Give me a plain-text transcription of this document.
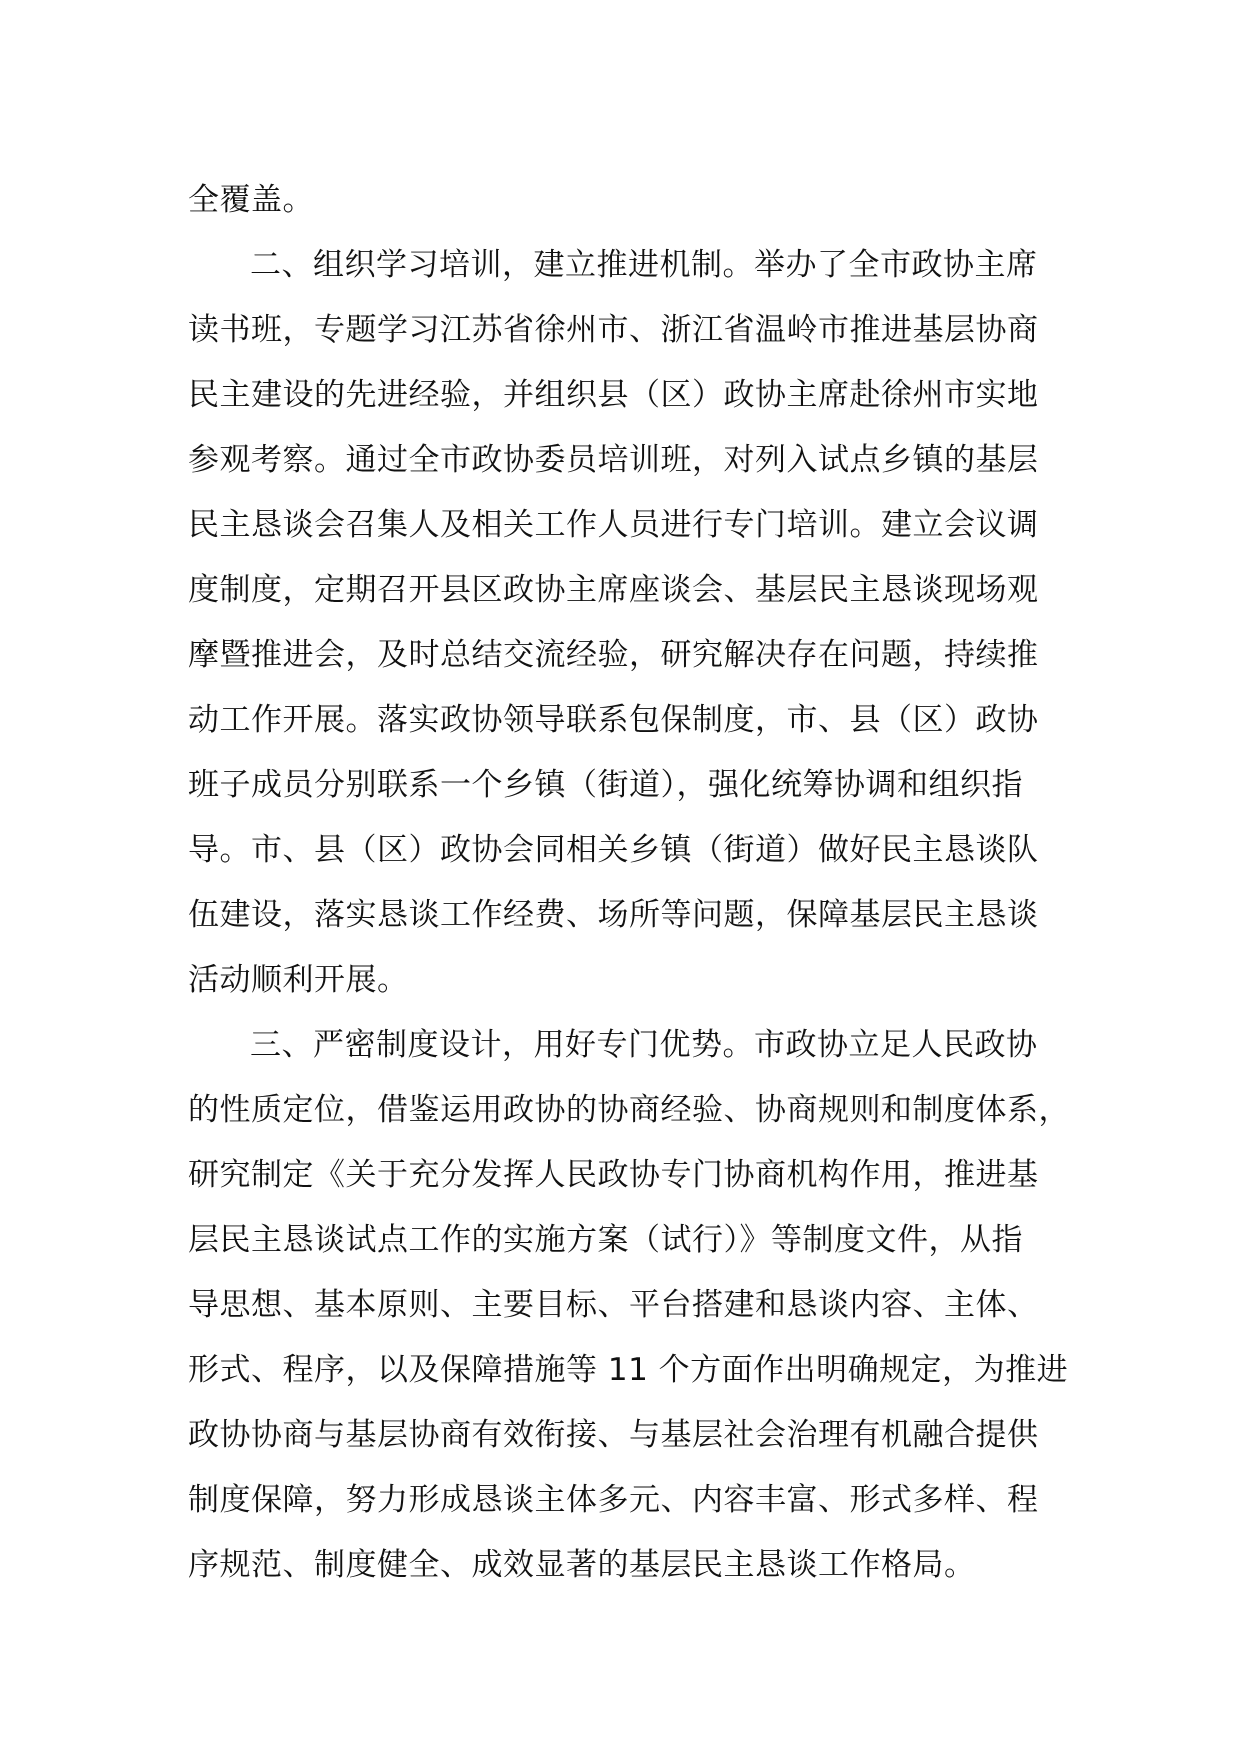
全覆盖。
二、组织学习培训，建立推进机制。举办了全市政协主席
读书班，专题学习江苏省徐州市、浙江省温岭市推进基层协商
民主建设的先进经验，并组织县（区）政协主席赴徐州市实地
参观考察。通过全市政协委员培训班，对列入试点乡镇的基层
民主恳谈会召集人及相关工作人员进行专门培训。建立会议调
度制度，定期召开县区政协主席座谈会、基层民主恳谈现场观
摩暨推进会，及时总结交流经验，研究解决存在问题，持续推
动工作开展。落实政协领导联系包保制度，市、县（区）政协
班子成员分别联系一个乡镇（街道），强化统筹协调和组织指
导。市、县（区）政协会同相关乡镇（街道）做好民主恳谈队
伍建设，落实恳谈工作经费、场所等问题，保障基层民主恳谈
活动顺利开展。
三、严密制度设计，用好专门优势。市政协立足人民政协
的性质定位，借鉴运用政协的协商经验、协商规则和制度体系，
研究制定《关于充分发挥人民政协专门协商机构作用，推进基
层民主恳谈试点工作的实施方案（试行）》等制度文件，从指
导思想、基本原则、主要目标、平台搭建和恳谈内容、主体、
形式、程序，以及保障措施等 11 个方面作出明确规定，为推进
政协协商与基层协商有效衔接、与基层社会治理有机融合提供
制度保障，努力形成恳谈主体多元、内容丰富、形式多样、程
序规范、制度健全、成效显著的基层民主恳谈工作格局。
